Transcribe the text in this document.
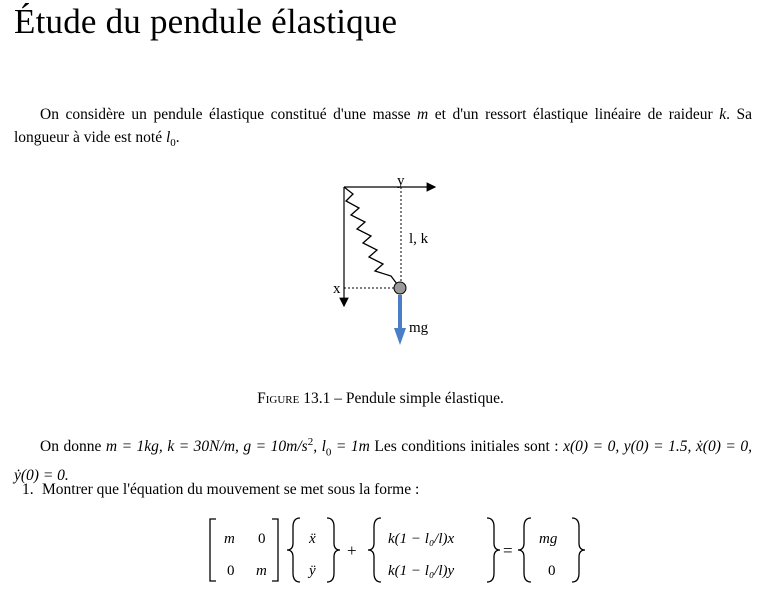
Étude du pendule élastique

On considère un pendule élastique constitué d'une masse m et d'un ressort élastique linéaire de raideur k. Sa longueur à vide est noté $l_0$.

y
x
l, k
mg
Figure 13.1 – Pendule simple élastique.

On donne m = 1kg, k = 30N/m, $g = 10m/s^2$, $l_0 = 1m$ Les conditions initiales sont : x(0) = 0, y(0) = 1.5, ẋ(0) = 0, ẏ(0) = 0.

1. Montrer que l'équation du mouvement se met sous la forme :
m 0
0 m
ẍ
ÿ
+
k(1 − l₀/l)x
k(1 − l₀/l)y
=
mg
0
